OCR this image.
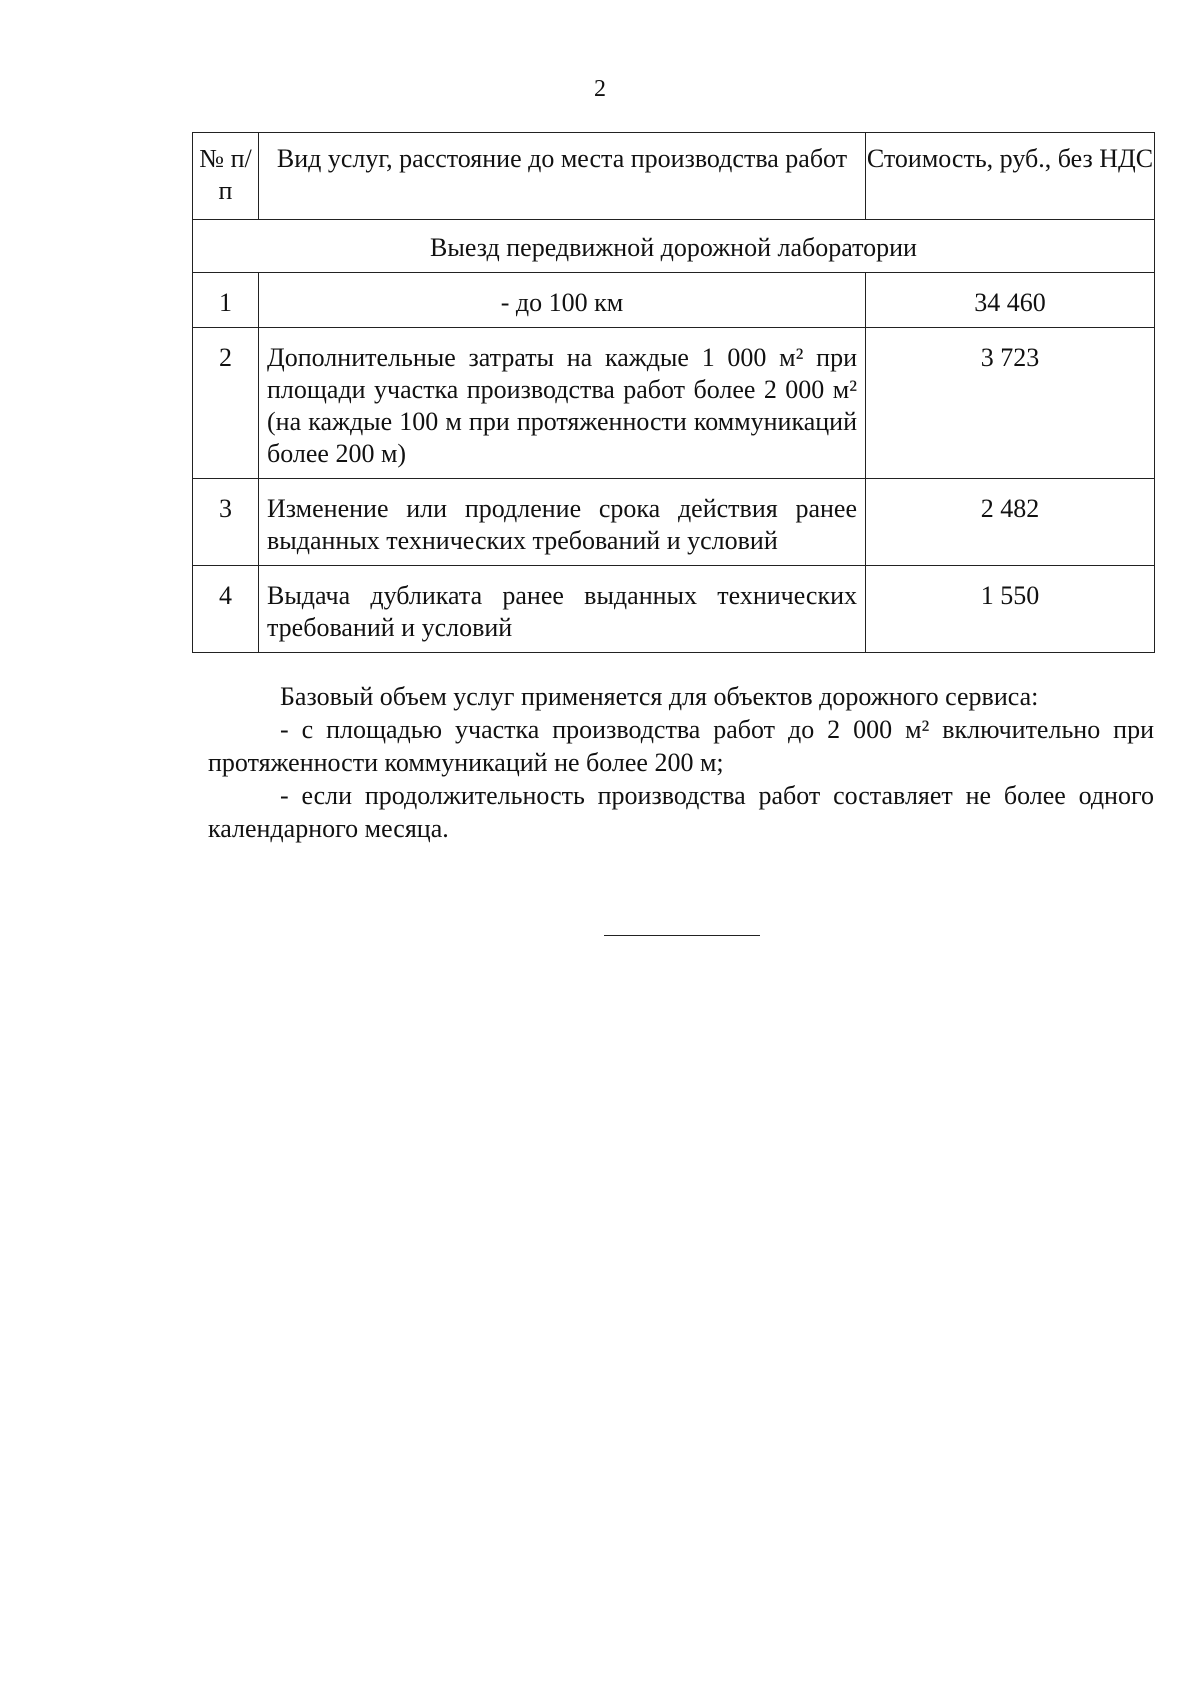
2
№ п/п	Вид услуг, расстояние до места производства работ	Стоимость, руб., без НДС
Выезд передвижной дорожной лаборатории		
1	- до 100 км	34 460
2	Дополнительные затраты на каждые 1 000 м² при площади участка производства работ более 2 000 м² (на каждые 100 м при протяженности коммуникаций более 200 м)	3 723
3	Изменение или продление срока действия ранее выданных технических требований и условий	2 482
4	Выдача дубликата ранее выданных технических требований и условий	1 550

Базовый объем услуг применяется для объектов дорожного сервиса:

- с площадью участка производства работ до 2 000 м² включительно при протяженности коммуникаций не более 200 м;

- если продолжительность производства работ составляет не более одного календарного месяца.
